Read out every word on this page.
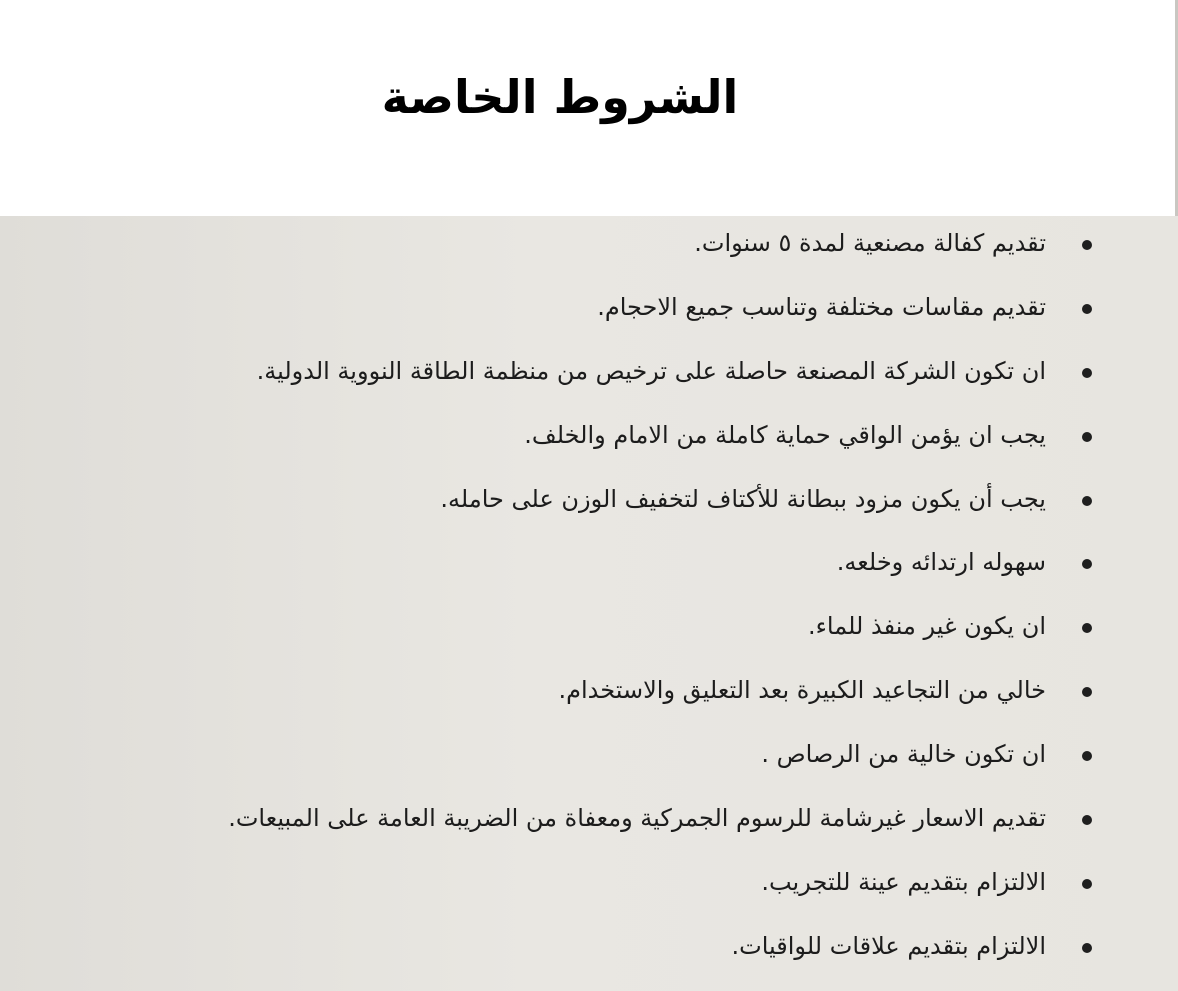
الشروط الخاصة
تقديم كفالة مصنعية لمدة ٥ سنوات.
تقديم مقاسات مختلفة وتناسب جميع الاحجام.
ان تكون الشركة المصنعة حاصلة على ترخيص من منظمة الطاقة النووية الدولية.
يجب ان يؤمن الواقي حماية كاملة من الامام والخلف.
يجب أن يكون مزود ببطانة للأكتاف لتخفيف الوزن على حامله.
سهوله ارتدائه وخلعه.
ان يكون غير منفذ للماء.
خالي من التجاعيد الكبيرة بعد التعليق والاستخدام.
ان تكون خالية من الرصاص .
تقديم الاسعار غيرشامة للرسوم الجمركية ومعفاة من الضريبة العامة على المبيعات.
الالتزام بتقديم عينة للتجريب.
الالتزام بتقديم علاقات للواقيات.
